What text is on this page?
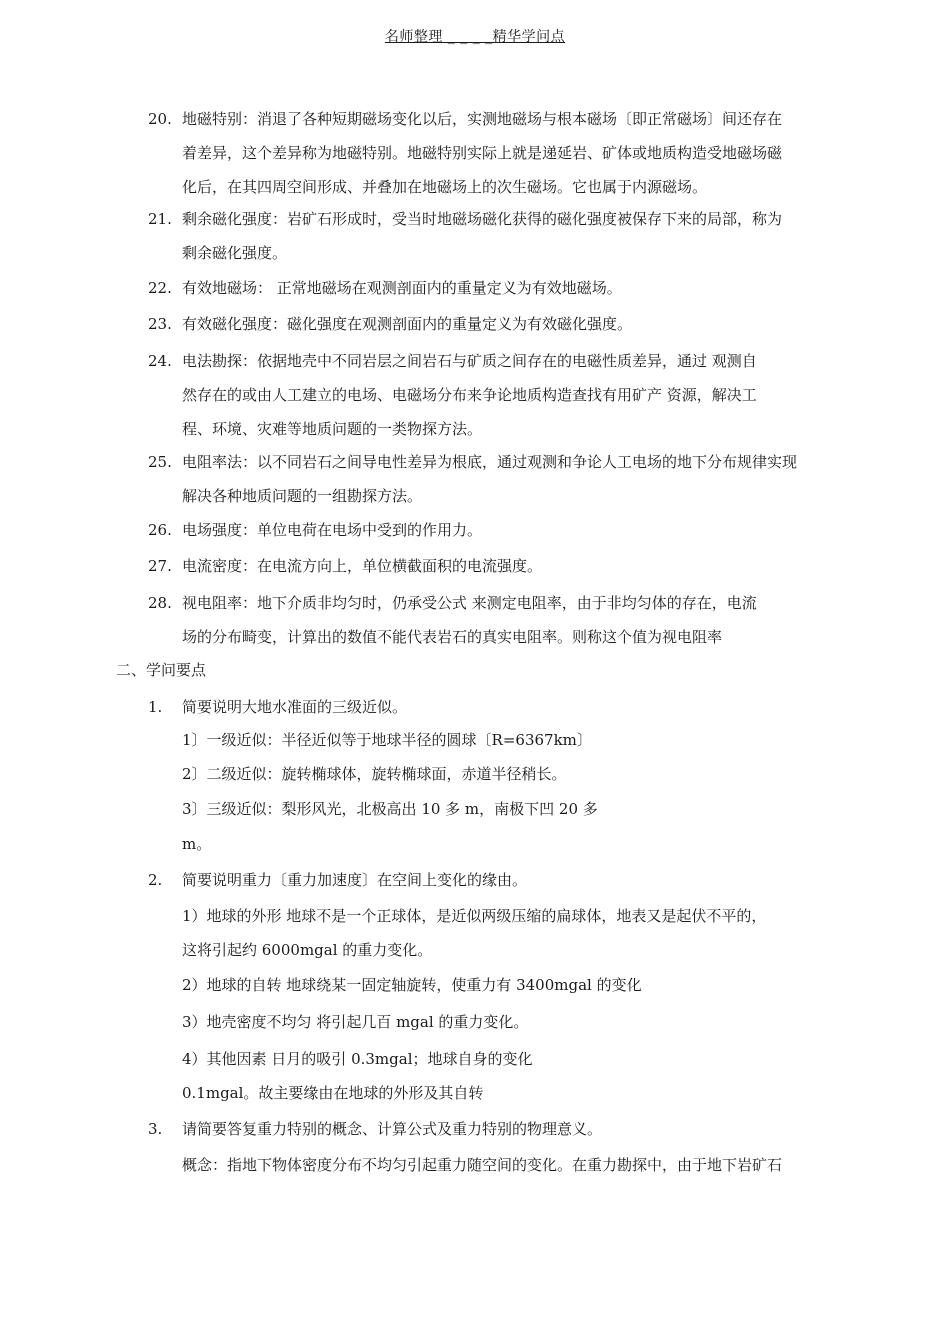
名师整理 _ _ _ _精华学问点
20. 地磁特别：消退了各种短期磁场变化以后，实测地磁场与根本磁场〔即正常磁场〕间还存在
着差异，这个差异称为地磁特别。地磁特别实际上就是递延岩、矿体或地质构造受地磁场磁
化后，在其四周空间形成、并叠加在地磁场上的次生磁场。它也属于内源磁场。
21. 剩余磁化强度：岩矿石形成时，受当时地磁场磁化获得的磁化强度被保存下来的局部，称为
剩余磁化强度。
22. 有效地磁场： 正常地磁场在观测剖面内的重量定义为有效地磁场。
23. 有效磁化强度：磁化强度在观测剖面内的重量定义为有效磁化强度。
24. 电法勘探：依据地壳中不同岩层之间岩石与矿质之间存在的电磁性质差异，通过 观测自
然存在的或由人工建立的电场、电磁场分布来争论地质构造查找有用矿产 资源，解决工
程、环境、灾难等地质问题的一类物探方法。
25. 电阻率法：以不同岩石之间导电性差异为根底，通过观测和争论人工电场的地下分布规律实现
解决各种地质问题的一组勘探方法。
26. 电场强度：单位电荷在电场中受到的作用力。
27. 电流密度：在电流方向上，单位横截面积的电流强度。
28. 视电阻率：地下介质非均匀时，仍承受公式 来测定电阻率，由于非均匀体的存在，电流
场的分布畸变，计算出的数值不能代表岩石的真实电阻率。则称这个值为视电阻率
二、学问要点
1. 简要说明大地水准面的三级近似。
1〕一级近似：半径近似等于地球半径的圆球〔R=6367km〕
2〕二级近似：旋转椭球体，旋转椭球面，赤道半径稍长。
3〕三级近似：梨形风光，北极高出 10 多 m，南极下凹 20 多
m。
2. 简要说明重力〔重力加速度〕在空间上变化的缘由。
1）地球的外形 地球不是一个正球体，是近似两级压缩的扁球体，地表又是起伏不平的，
这将引起约 6000mgal 的重力变化。
2）地球的自转 地球绕某一固定轴旋转，使重力有 3400mgal 的变化
3）地壳密度不均匀 将引起几百 mgal 的重力变化。
4）其他因素 日月的吸引 0.3mgal；地球自身的变化
0.1mgal。故主要缘由在地球的外形及其自转
3. 请简要答复重力特别的概念、计算公式及重力特别的物理意义。
概念：指地下物体密度分布不均匀引起重力随空间的变化。在重力勘探中，由于地下岩矿石
